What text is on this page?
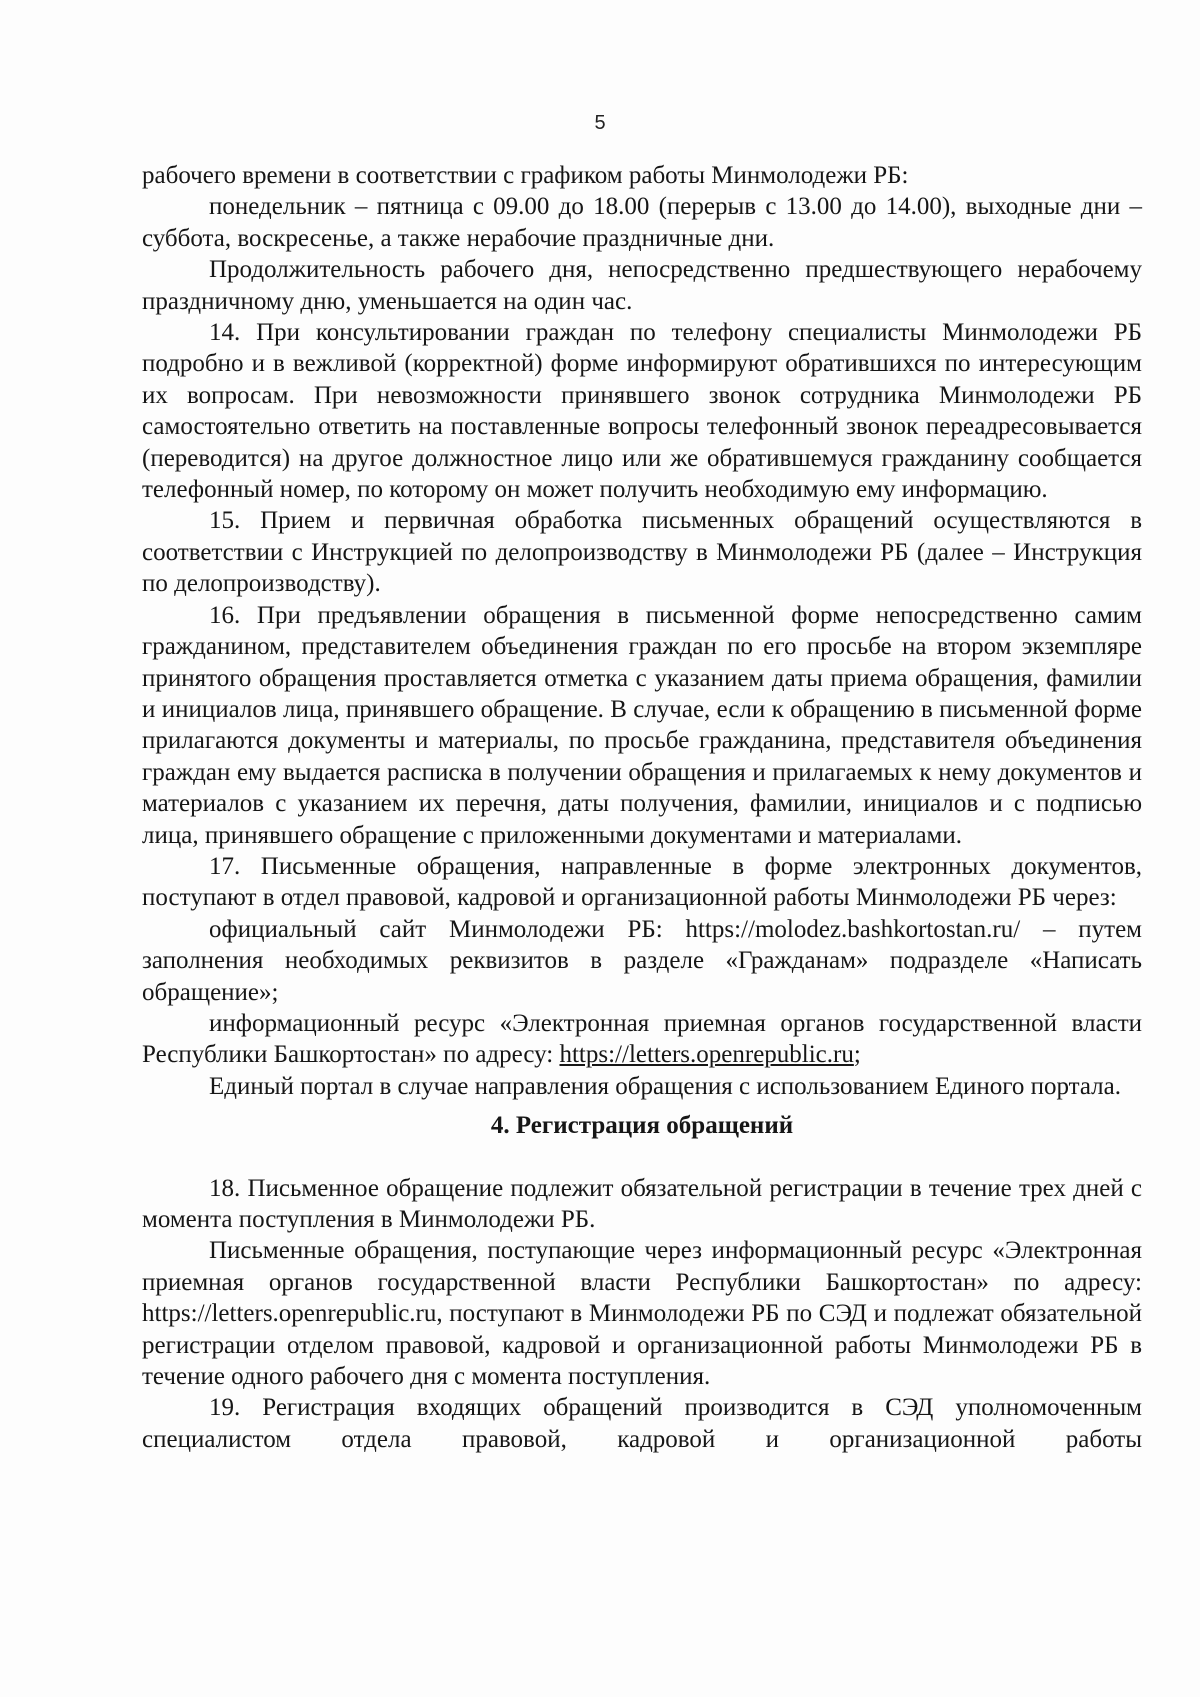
5

рабочего времени в соответствии с графиком работы Минмолодежи РБ:

понедельник – пятница с 09.00 до 18.00 (перерыв с 13.00 до 14.00), выходные дни – суббота, воскресенье, а также нерабочие праздничные дни.

Продолжительность рабочего дня, непосредственно предшествующего нерабочему праздничному дню, уменьшается на один час.

14. При консультировании граждан по телефону специалисты Минмолодежи РБ подробно и в вежливой (корректной) форме информируют обратившихся по интересующим их вопросам. При невозможности принявшего звонок сотрудника Минмолодежи РБ самостоятельно ответить на поставленные вопросы телефонный звонок переадресовывается (переводится) на другое должностное лицо или же обратившемуся гражданину сообщается телефонный номер, по которому он может получить необходимую ему информацию.

15. Прием и первичная обработка письменных обращений осуществляются в соответствии с Инструкцией по делопроизводству в Минмолодежи РБ (далее – Инструкция по делопроизводству).

16. При предъявлении обращения в письменной форме непосредственно самим гражданином, представителем объединения граждан по его просьбе на втором экземпляре принятого обращения проставляется отметка с указанием даты приема обращения, фамилии и инициалов лица, принявшего обращение. В случае, если к обращению в письменной форме прилагаются документы и материалы, по просьбе гражданина, представителя объединения граждан ему выдается расписка в получении обращения и прилагаемых к нему документов и материалов с указанием их перечня, даты получения, фамилии, инициалов и с подписью лица, принявшего обращение с приложенными документами и материалами.

17. Письменные обращения, направленные в форме электронных документов, поступают в отдел правовой, кадровой и организационной работы Минмолодежи РБ через:

официальный сайт Минмолодежи РБ: https://molodez.bashkortostan.ru/ – путем заполнения необходимых реквизитов в разделе «Гражданам» подразделе «Написать обращение»;

информационный ресурс «Электронная приемная органов государственной власти Республики Башкортостан» по адресу: https://letters.openrepublic.ru;

Единый портал в случае направления обращения с использованием Единого портала.

4. Регистрация обращений

18. Письменное обращение подлежит обязательной регистрации в течение трех дней с момента поступления в Минмолодежи РБ.

Письменные обращения, поступающие через информационный ресурс «Электронная приемная органов государственной власти Республики Башкортостан» по адресу: https://letters.openrepublic.ru, поступают в Минмолодежи РБ по СЭД и подлежат обязательной регистрации отделом правовой, кадровой и организационной работы Минмолодежи РБ в течение одного рабочего дня с момента поступления.

19. Регистрация входящих обращений производится в СЭД уполномоченным специалистом отдела правовой, кадровой и организационной работы
